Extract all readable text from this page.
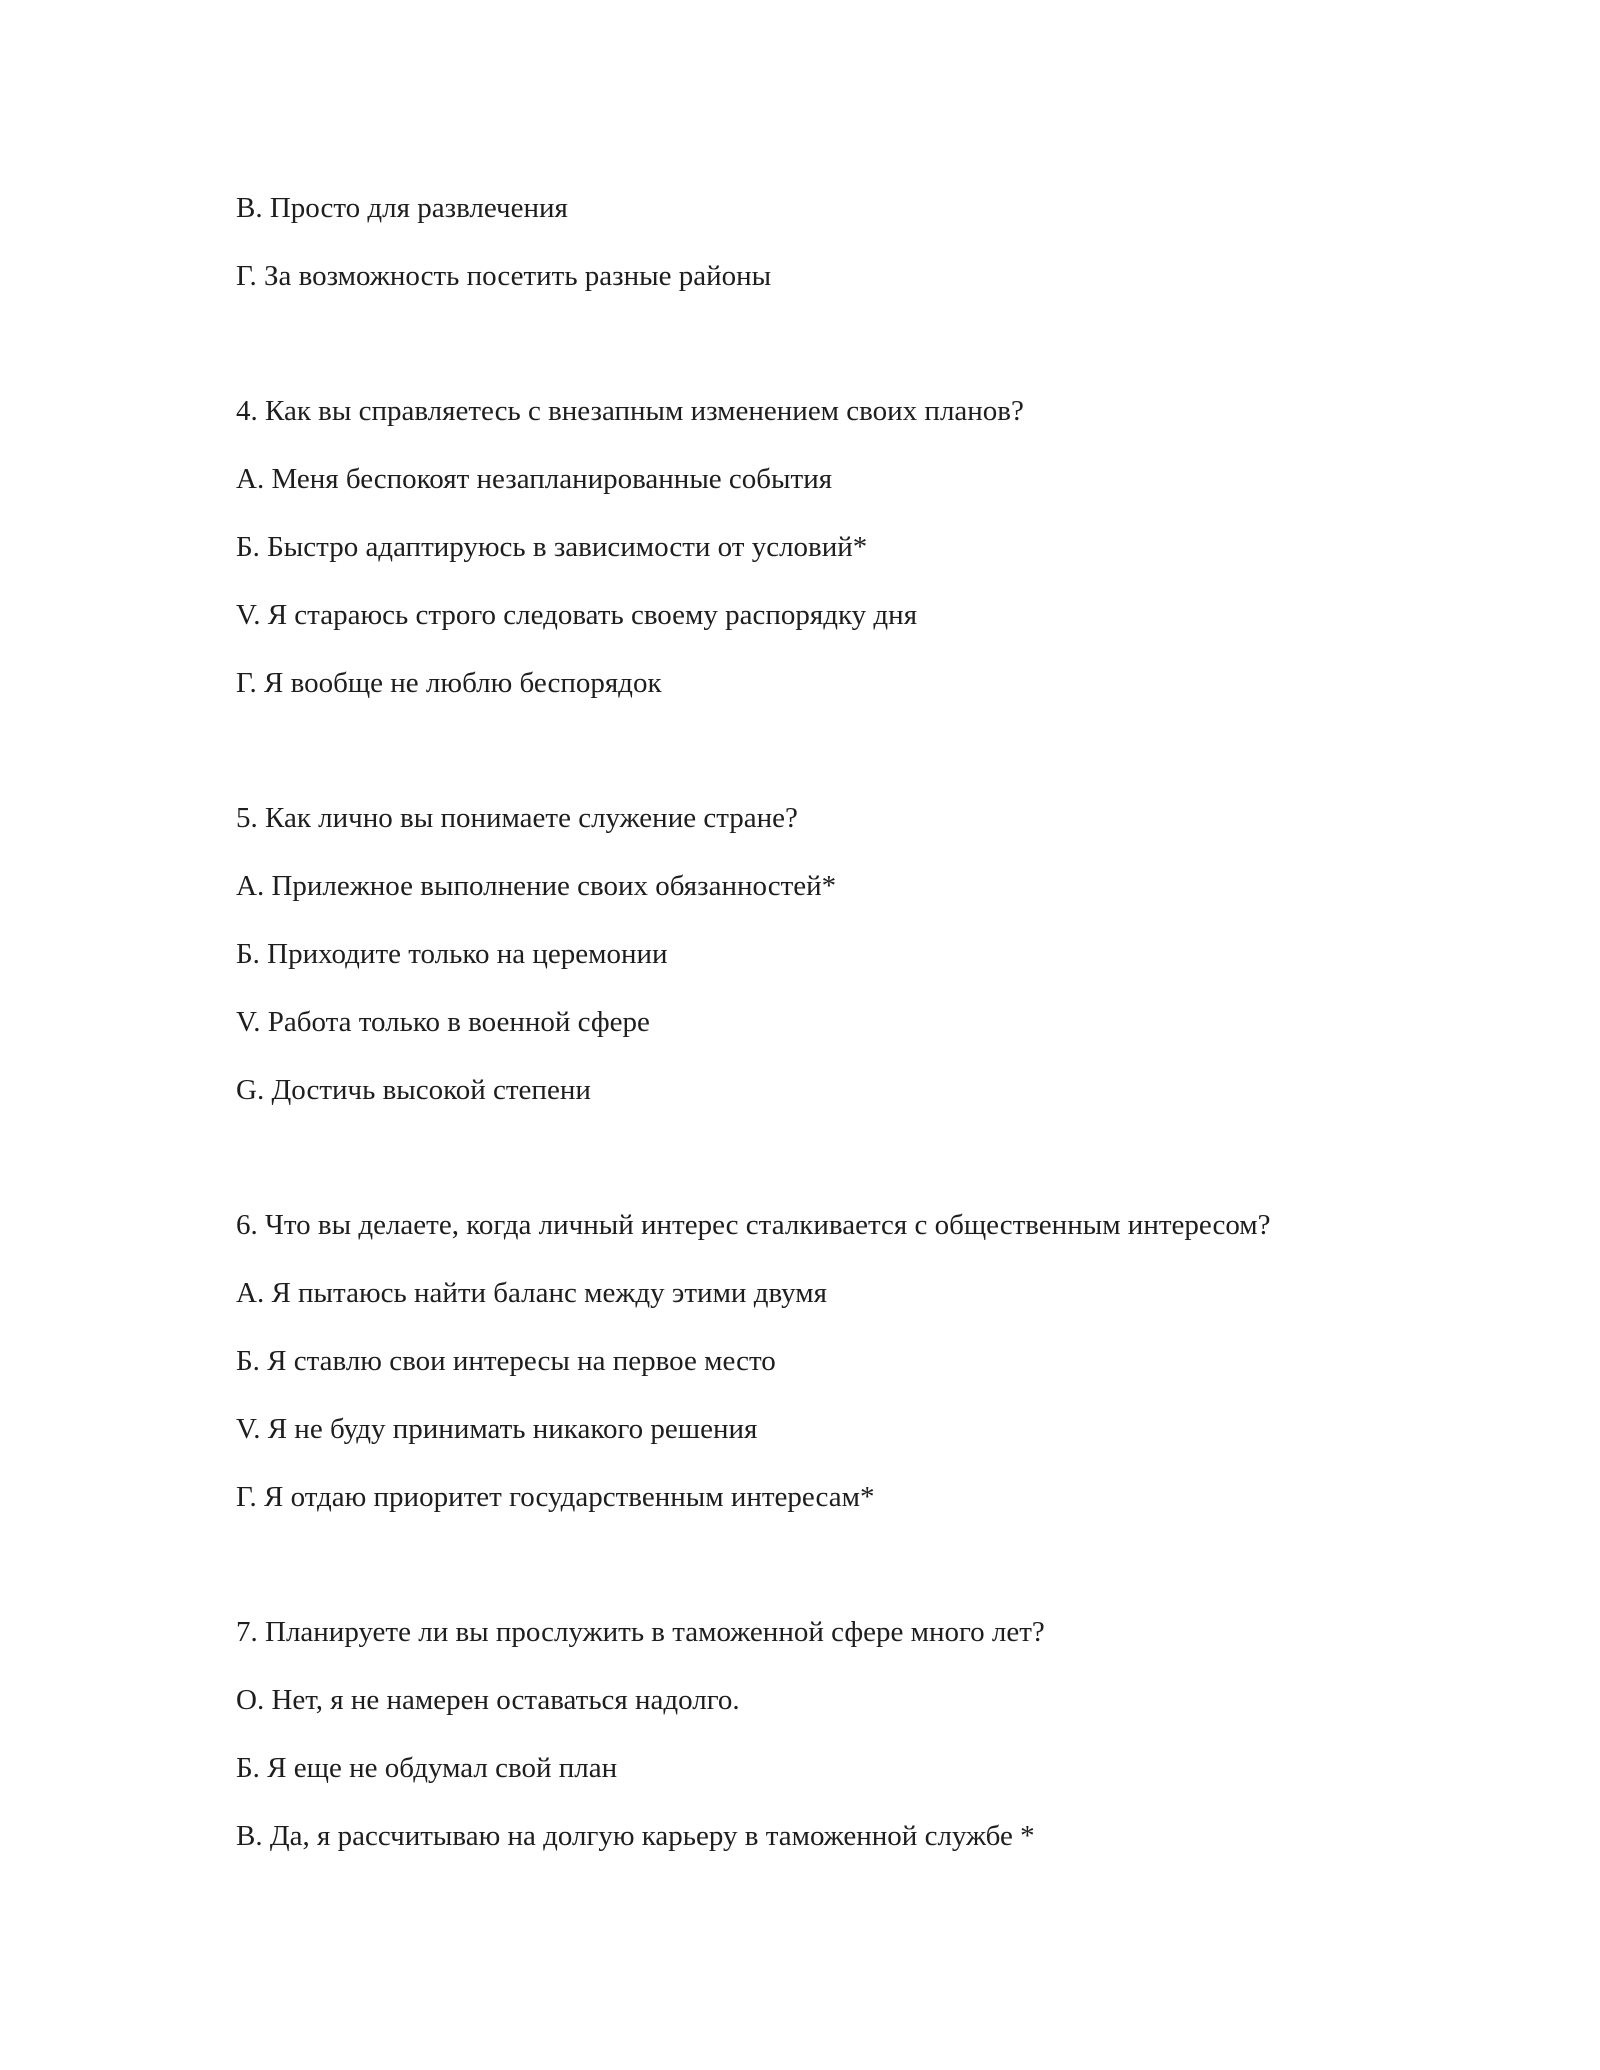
В. Просто для развлечения
Г. За возможность посетить разные районы
4. Как вы справляетесь с внезапным изменением своих планов?
А. Меня беспокоят незапланированные события
Б. Быстро адаптируюсь в зависимости от условий*
V. Я стараюсь строго следовать своему распорядку дня
Г. Я вообще не люблю беспорядок
5. Как лично вы понимаете служение стране?
А. Прилежное выполнение своих обязанностей*
Б. Приходите только на церемонии
V. Работа только в военной сфере
G. Достичь высокой степени
6. Что вы делаете, когда личный интерес сталкивается с общественным интересом?
А. Я пытаюсь найти баланс между этими двумя
Б. Я ставлю свои интересы на первое место
V. Я не буду принимать никакого решения
Г. Я отдаю приоритет государственным интересам*
7. Планируете ли вы прослужить в таможенной сфере много лет?
О. Нет, я не намерен оставаться надолго.
Б. Я еще не обдумал свой план
В. Да, я рассчитываю на долгую карьеру в таможенной службе *
